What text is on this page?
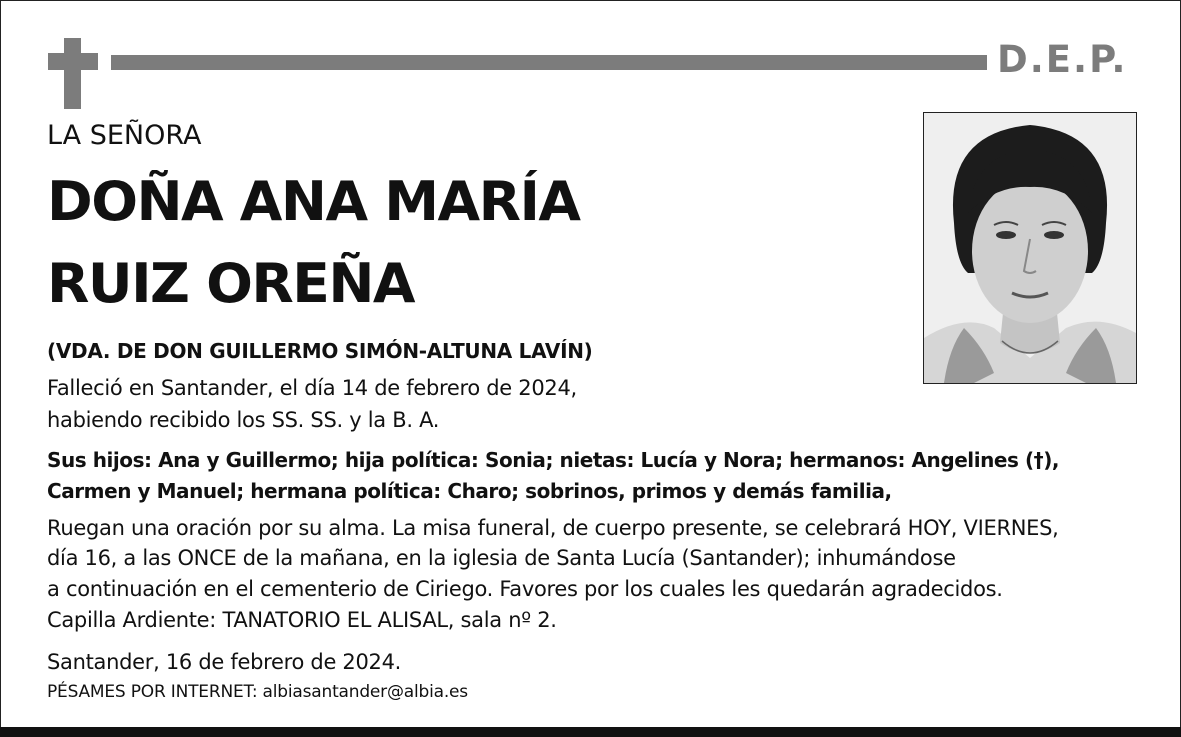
D.E.P.
LA SEÑORA
DOÑA ANA MARÍA
RUIZ OREÑA
(VDA. DE DON GUILLERMO SIMÓN-ALTUNA LAVÍN)
Falleció en Santander, el día 14 de febrero de 2024,
habiendo recibido los SS. SS. y la B. A.
Sus hijos: Ana y Guillermo; hija política: Sonia; nietas: Lucía y Nora; hermanos: Angelines (†),
Carmen y Manuel; hermana política: Charo; sobrinos, primos y demás familia,
Ruegan una oración por su alma. La misa funeral, de cuerpo presente, se celebrará HOY, VIERNES,
día 16, a las ONCE de la mañana, en la iglesia de Santa Lucía (Santander); inhumándose
a continuación en el cementerio de Ciriego. Favores por los cuales les quedarán agradecidos.
Capilla Ardiente: TANATORIO EL ALISAL, sala nº 2.
Santander, 16 de febrero de 2024.
PÉSAMES POR INTERNET: albiasantander@albia.es
